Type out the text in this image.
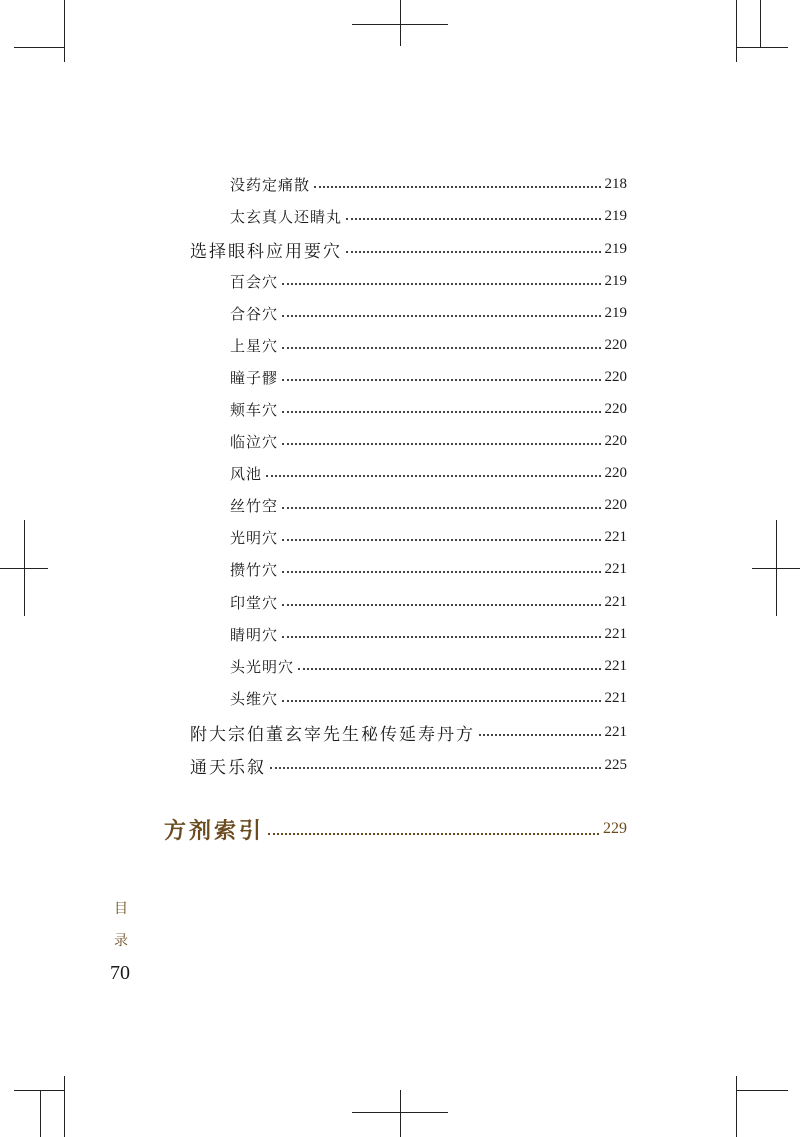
没药定痛散	218
太玄真人还睛丸	219
选择眼科应用要穴	219
百会穴	219
合谷穴	219
上星穴	220
瞳子髎	220
颊车穴	220
临泣穴	220
风池	220
丝竹空	220
光明穴	221
攒竹穴	221
印堂穴	221
睛明穴	221
头光明穴	221
头维穴	221
附大宗伯董玄宰先生秘传延寿丹方	221
通天乐叙	225
方剂索引	229
目
录
70
